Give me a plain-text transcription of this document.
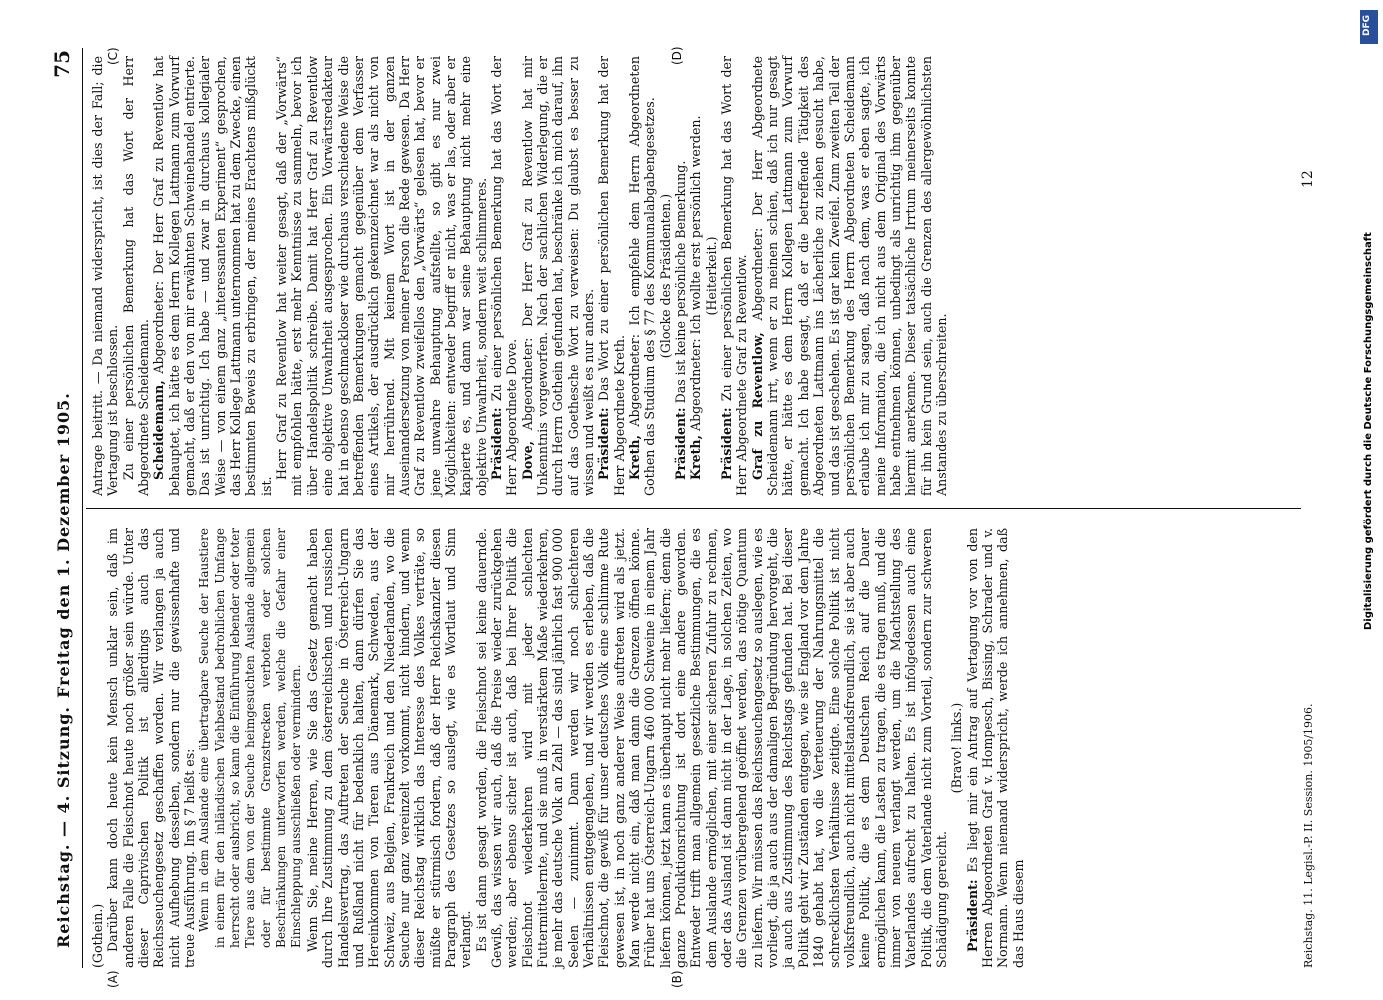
Reichstag. — 4. Sitzung.
Freitag den 1. Dezember 1905.
75
(A)	(B)
(C)	(D)

(Gothein.) Darüber kann doch heute kein Mensch unklar sein, daß im anderen Falle die Fleischnot heute noch größer sein würde. Unter dieser Caprivischen Politik ist allerdings auch das Reichsseuchengesetz geschaffen worden. Wir verlangen ja auch nicht Aufhebung desselben, sondern nur die gewissenhafte und treue Ausführung. Im § 7 heißt es: Wenn in dem Auslande eine übertragbare Seuche der Haustiere in einem für den inländischen Viehbestand bedrohlichen Umfange herrscht oder ausbricht, so kann die Einführung lebender oder toter Tiere aus dem von der Seuche heimgesuchten Auslande allgemein oder für bestimmte Grenzstrecken verboten oder solchen Beschränkungen unterworfen werden, welche die Gefahr einer Einschleppung ausschließen oder vermindern. Wenn Sie, meine Herren, wie Sie das Gesetz gemacht haben durch Ihre Zustimmung zu dem österreichischen und russischen Handelsvertrag, das Auftreten der Seuche in Österreich-Ungarn und Rußland nicht für bedenklich halten, dann dürfen Sie das Hereinkommen von Tieren aus Dänemark, Schweden, aus der Schweiz, aus Belgien, Frankreich und den Niederlanden, wo die Seuche nur ganz vereinzelt vorkommt, nicht hindern, und wenn dieser Reichstag wirklich das Interesse des Volkes verträte, so müßte er stürmisch fordern, daß der Herr Reichskanzler diesen Paragraph des Gesetzes so auslegt, wie es Wortlaut und Sinn verlangt. Es ist dann gesagt worden, die Fleischnot sei keine dauernde. Gewiß, das wissen wir auch, daß die Preise wieder zurückgehen werden; aber ebenso sicher ist auch, daß bei Ihrer Politik die Fleischnot wiederkehren wird mit jeder schlechten Futtermittelernte, und sie muß in verstärktem Maße wiederkehren, je mehr das deutsche Volk an Zahl — das sind jährlich fast 900 000 Seelen — zunimmt. Dann werden wir noch schlechteren Verhältnissen entgegengehen, und wir werden es erleben, daß die Fleischnot, die gewiß für unser deutsches Volk eine schlimme Rute gewesen ist, in noch ganz anderer Weise auftreten wird als jetzt. Man werde nicht ein, daß man dann die Grenzen öffnen könne. Früher hat uns Österreich-Ungarn 460 000 Schweine in einem Jahr liefern können, jetzt kann es überhaupt nicht mehr liefern; denn die ganze Produktionsrichtung ist dort eine andere geworden. Entweder trifft man allgemein gesetzliche Bestimmungen, die es dem Auslande ermöglichen, mit einer sicheren Zufuhr zu rechnen, oder das Ausland ist dann nicht in der Lage, in solchen Zeiten, wo die Grenzen vorübergehend geöffnet werden, das nötige Quantum zu liefern. Wir müssen das Reichsseuchengesetz so auslegen, wie es vorliegt, die ja auch aus der damaligen Begründung hervorgeht, die ja auch aus Zustimmung des Reichstags gefunden hat. Bei dieser Politik geht wir Zuständen entgegen, wie sie England vor dem Jahre 1840 gehabt hat, wo die Verteuerung der Nahrungsmittel die schrecklichsten Verhältnisse zeitigte. Eine solche Politik ist nicht volksfreundlich, auch nicht mittelstandsfreundlich, sie ist aber auch keine Politik, die es dem Deutschen Reich auf die Dauer ermöglichen kann, die Lasten zu tragen, die es tragen muß, und die immer von neuem verlangt werden, um die Machtstellung des Vaterlandes aufrecht zu halten. Es ist infolgedessen auch eine Politik, die dem Vaterlande nicht zum Vorteil, sondern zur schweren Schädigung gereicht.

(Bravo! links.)

Präsident: Es liegt mir ein Antrag auf Vertagung vor von den Herren Abgeordneten Graf v. Hompesch, Bissing, Schrader und v. Normann. Wenn niemand widerspricht, werde ich annehmen, daß das Haus diesem

Antrage beitritt. — Da niemand widerspricht, ist dies der Fall; die Vertagung ist beschlossen. Zu einer persönlichen Bemerkung hat das Wort der Herr Abgeordnete Scheidemann. Scheidemann, Abgeordneter: Der Herr Graf zu Reventlow hat behauptet, ich hätte es dem Herrn Kollegen Lattmann zum Vorwurf gemacht, daß er den von mir erwähnten Schweinehandel entrierte. Das ist unrichtig. Ich habe — und zwar in durchaus kollegialer Weise — von einem ganz „interessanten Experiment“ gesprochen, das Herr Kollege Lattmann unternommen hat zu dem Zwecke, einen bestimmten Beweis zu erbringen, der meines Erachtens mißglückt ist.

Herr Graf zu Reventlow hat weiter gesagt, daß der „Vorwärts“ mit empfohlen hätte, erst mehr Kenntnisse zu sammeln, bevor ich über Handelspolitik schreibe. Damit hat Herr Graf zu Reventlow eine objektive Unwahrheit ausgesprochen. Ein Vorwärtsredakteur hat in ebenso geschmackloser wie durchaus verschiedene Weise die betreffenden Bemerkungen gemacht gegenüber dem Verfasser eines Artikels, der ausdrücklich gekennzeichnet war als nicht von mir herrührend. Mit keinem Wort ist in der ganzen Auseinandersetzung von meiner Person die Rede gewesen. Da Herr Graf zu Reventlow zweifellos den „Vorwärts“ gelesen hat, bevor er jene unwahre Behauptung aufstellte, so gibt es nur zwei Möglichkeiten: entweder begriff er nicht, was er las, oder aber er kapierte es, und dann war seine Behauptung nicht mehr eine objektive Unwahrheit, sondern weit schlimmeres. Präsident: Zu einer persönlichen Bemerkung hat das Wort der Herr Abgeordnete Dove. Dove, Abgeordneter: Der Herr Graf zu Reventlow hat mir Unkenntnis vorgeworfen. Nach der sachlichen Widerlegung, die er durch Herrn Gothein gefunden hat, beschränke ich mich darauf, ihn auf das Goethesche Wort zu verweisen: Du glaubst es besser zu wissen und weißt es nur anders. Präsident: Das Wort zu einer persönlichen Bemerkung hat der Herr Abgeordnete Kreth. Kreth, Abgeordneter: Ich empfehle dem Herrn Abgeordneten Gothen das Studium des § 77 des Kommunalabgabengesetzes. (Glocke des Präsidenten.)

Präsident: Das ist keine persönliche Bemerkung.

Kreth, Abgeordneter: Ich wollte erst persönlich werden. (Heiterkeit.)

Präsident: Zu einer persönlichen Bemerkung hat das Wort der Herr Abgeordnete Graf zu Reventlow. Graf zu Reventlow, Abgeordneter: Der Herr Abgeordnete Scheidemann irrt, wenn er zu meinen schien, daß ich nur gesagt hätte, er hätte es dem Herrn Kollegen Lattmann zum Vorwurf gemacht. Ich habe gesagt, daß er die betreffende Tätigkeit des Abgeordneten Lattmann ins Lächerliche zu ziehen gesucht habe, und das ist geschehen. Es ist gar kein Zweifel. Zum zweiten Teil der persönlichen Bemerkung des Herrn Abgeordneten Scheidemann erlaube ich mir zu sagen, daß nach dem, was er eben sagte, ich meine Information, die ich nicht aus dem Original des Vorwärts habe entnehmen können, unbedingt als unrichtig ihm gegenüber hiermit anerkenne. Dieser tatsächliche Irrtum meinerseits konnte für ihn kein Grund sein, auch die Grenzen des allergewöhnlichsten Anstandes zu überschreiten.

Reichstag. 11. Legisl.-P. II. Session. 1905/1906.
12
DFG
Digitalisierung gefördert durch die Deutsche Forschungsgemeinschaft
